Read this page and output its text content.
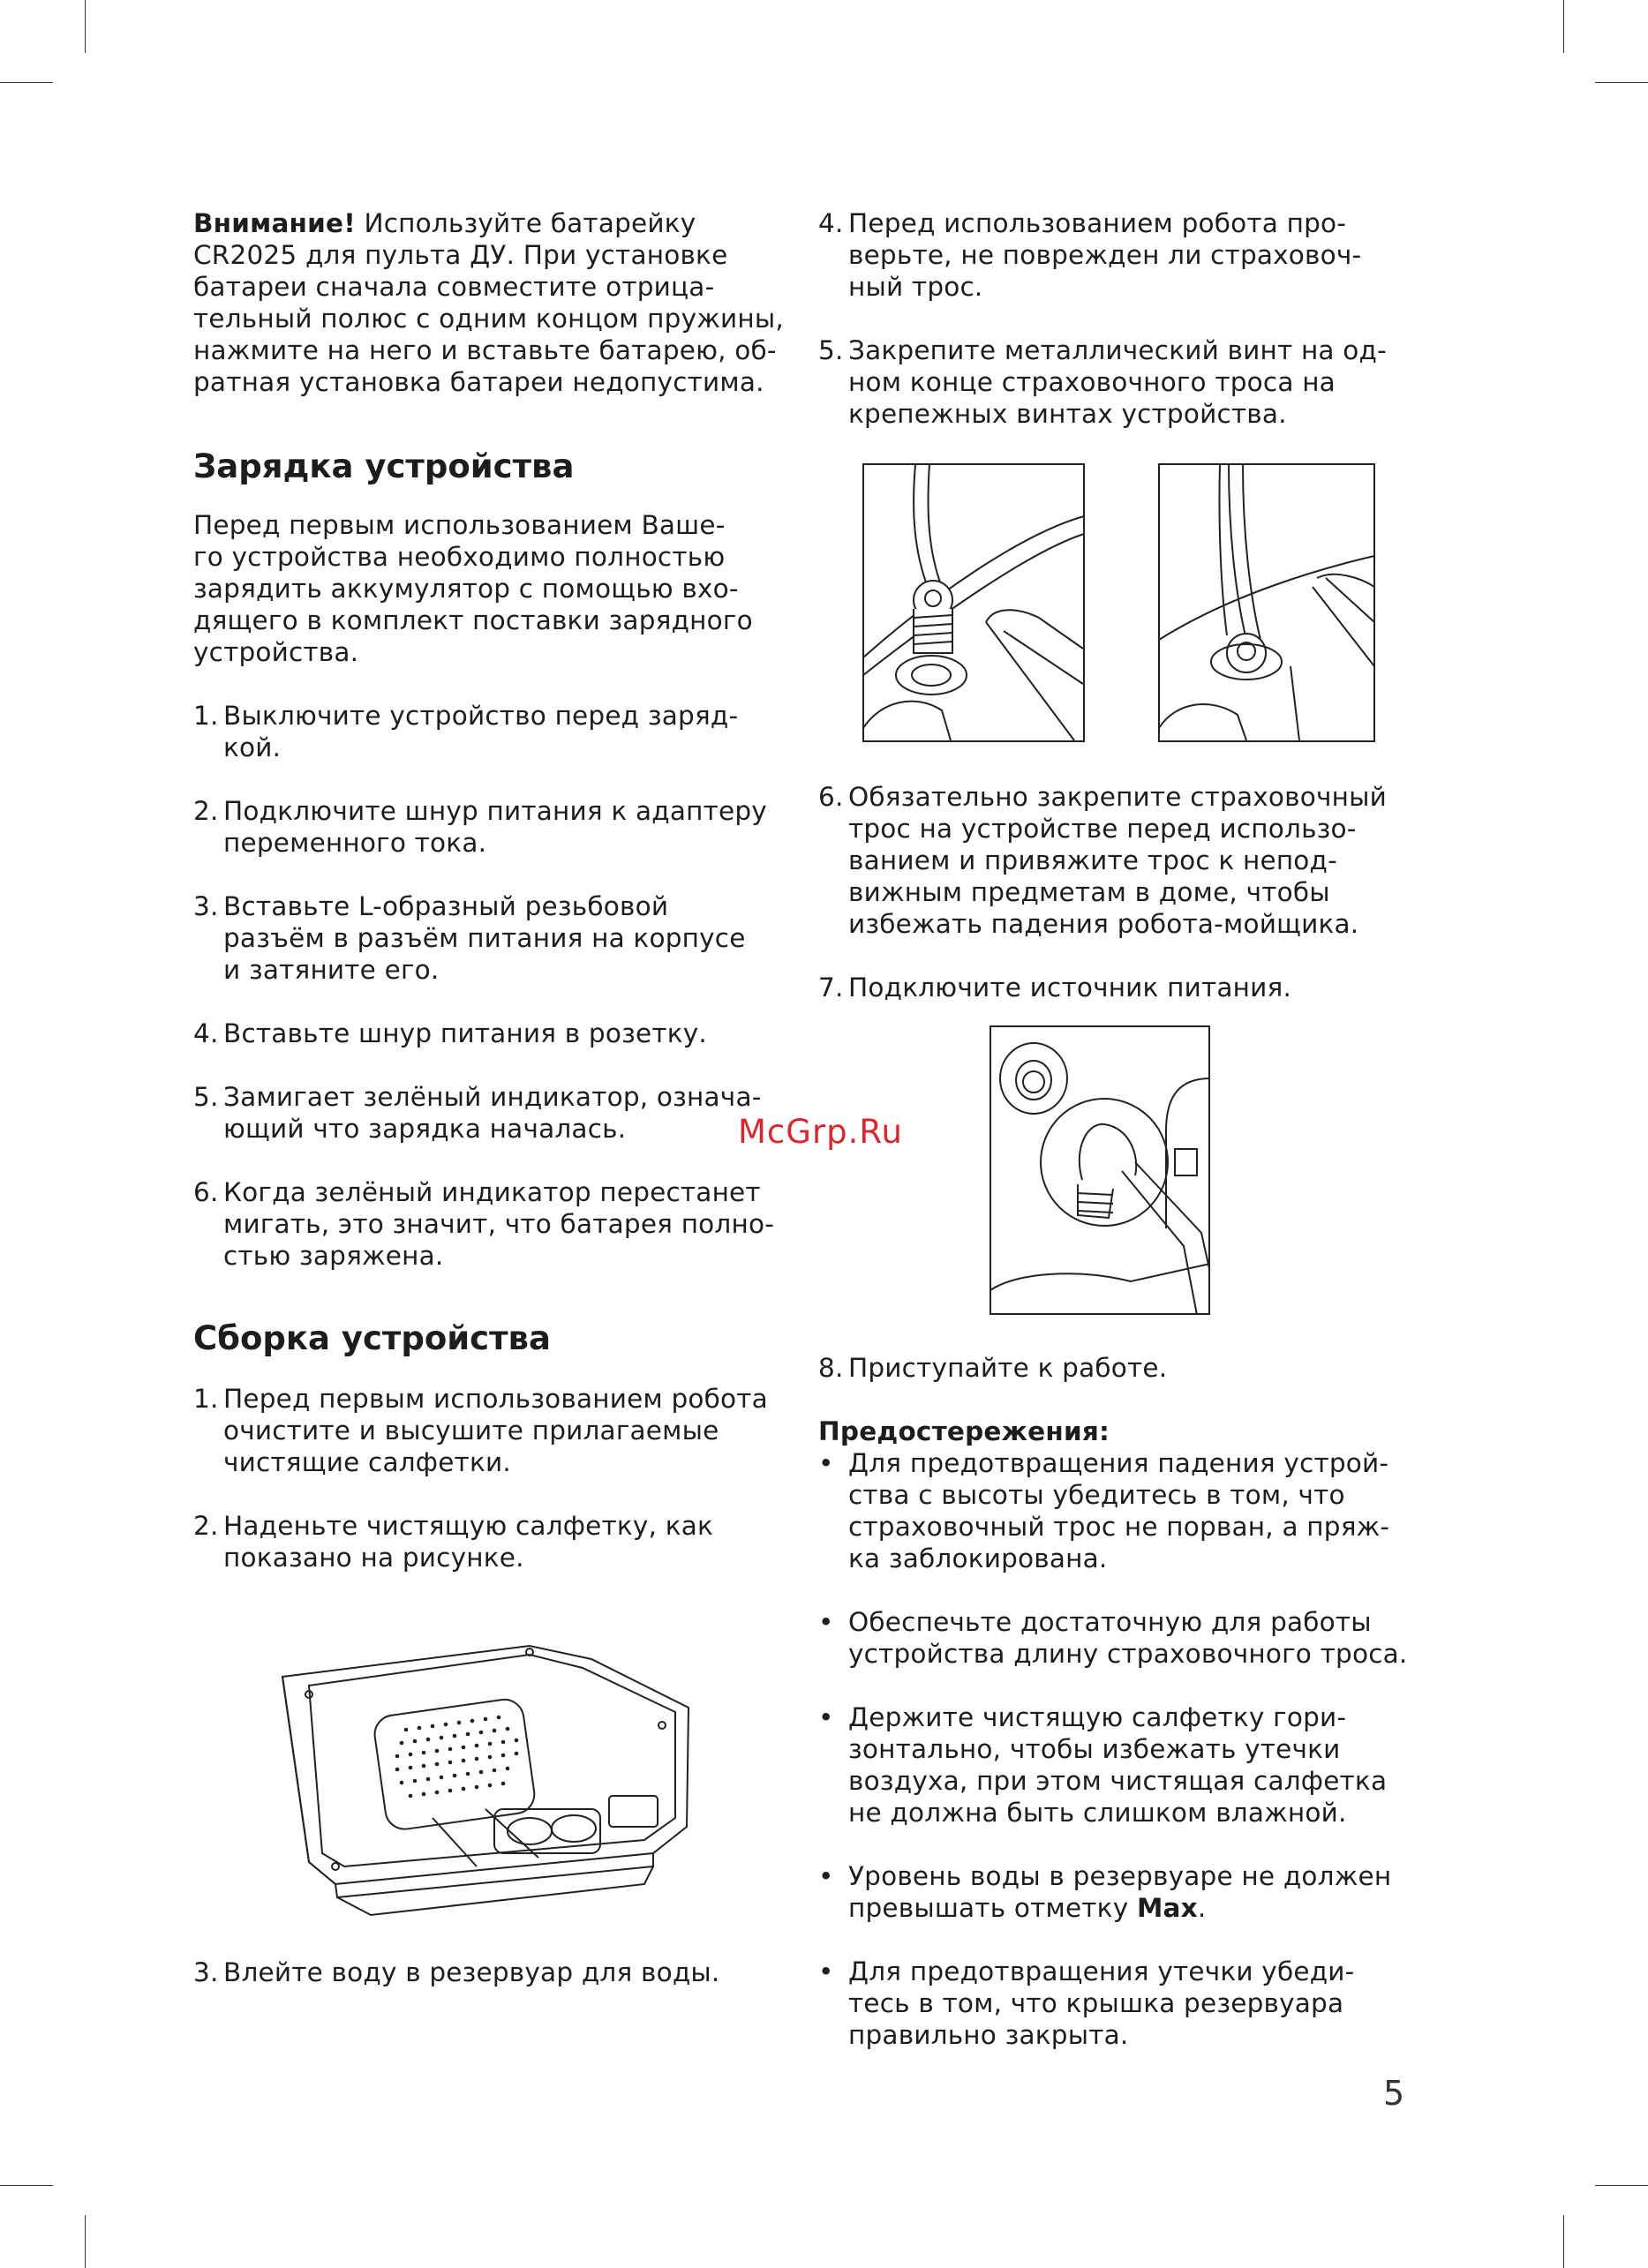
Внимание! Используйте батарейку
CR2025 для пульта ДУ. При установке
батареи сначала совместите отрица-
тельный полюс с одним концом пружины,
нажмите на него и вставьте батарею, об-
ратная установка батареи недопустима.

Зарядка устройства

Перед первым использованием Ваше-
го устройства необходимо полностью
зарядить аккумулятор с помощью вхо-
дящего в комплект поставки зарядного
устройства.

1. Выключите устройство перед заряд-
кой.
2. Подключите шнур питания к адаптеру
переменного тока.
3. Вставьте L-образный резьбовой
разъём в разъём питания на корпусе
и затяните его.
4. Вставьте шнур питания в розетку.
5. Замигает зелёный индикатор, означа-
ющий что зарядка началась.
6. Когда зелёный индикатор перестанет
мигать, это значит, что батарея полно-
стью заряжена.
Сборка устройства
1. Перед первым использованием робота
очистите и высушите прилагаемые
чистящие салфетки.
2. Наденьте чистящую салфетку, как
показано на рисунке.
3. Влейте воду в резервуар для воды.
4. Перед использованием робота про-
верьте, не поврежден ли страховоч-
ный трос.
5. Закрепите металлический винт на од-
ном конце страховочного троса на
крепежных винтах устройства.
6. Обязательно закрепите страховочный
трос на устройстве перед использо-
ванием и привяжите трос к непод-
вижным предметам в доме, чтобы
избежать падения робота-мойщика.
7. Подключите источник питания.
8. Приступайте к работе.

Предостережения:

• Для предотвращения падения устрой-
ства с высоты убедитесь в том, что
страховочный трос не порван, а пряж-
ка заблокирована.
• Обеспечьте достаточную для работы
устройства длину страховочного троса.
• Держите чистящую салфетку гори-
зонтально, чтобы избежать утечки
воздуха, при этом чистящая салфетка
не должна быть слишком влажной.
• Уровень воды в резервуаре не должен
превышать отметку Max.
• Для предотвращения утечки убеди-
тесь в том, что крышка резервуара
правильно закрыта.
McGrp.Ru
5
